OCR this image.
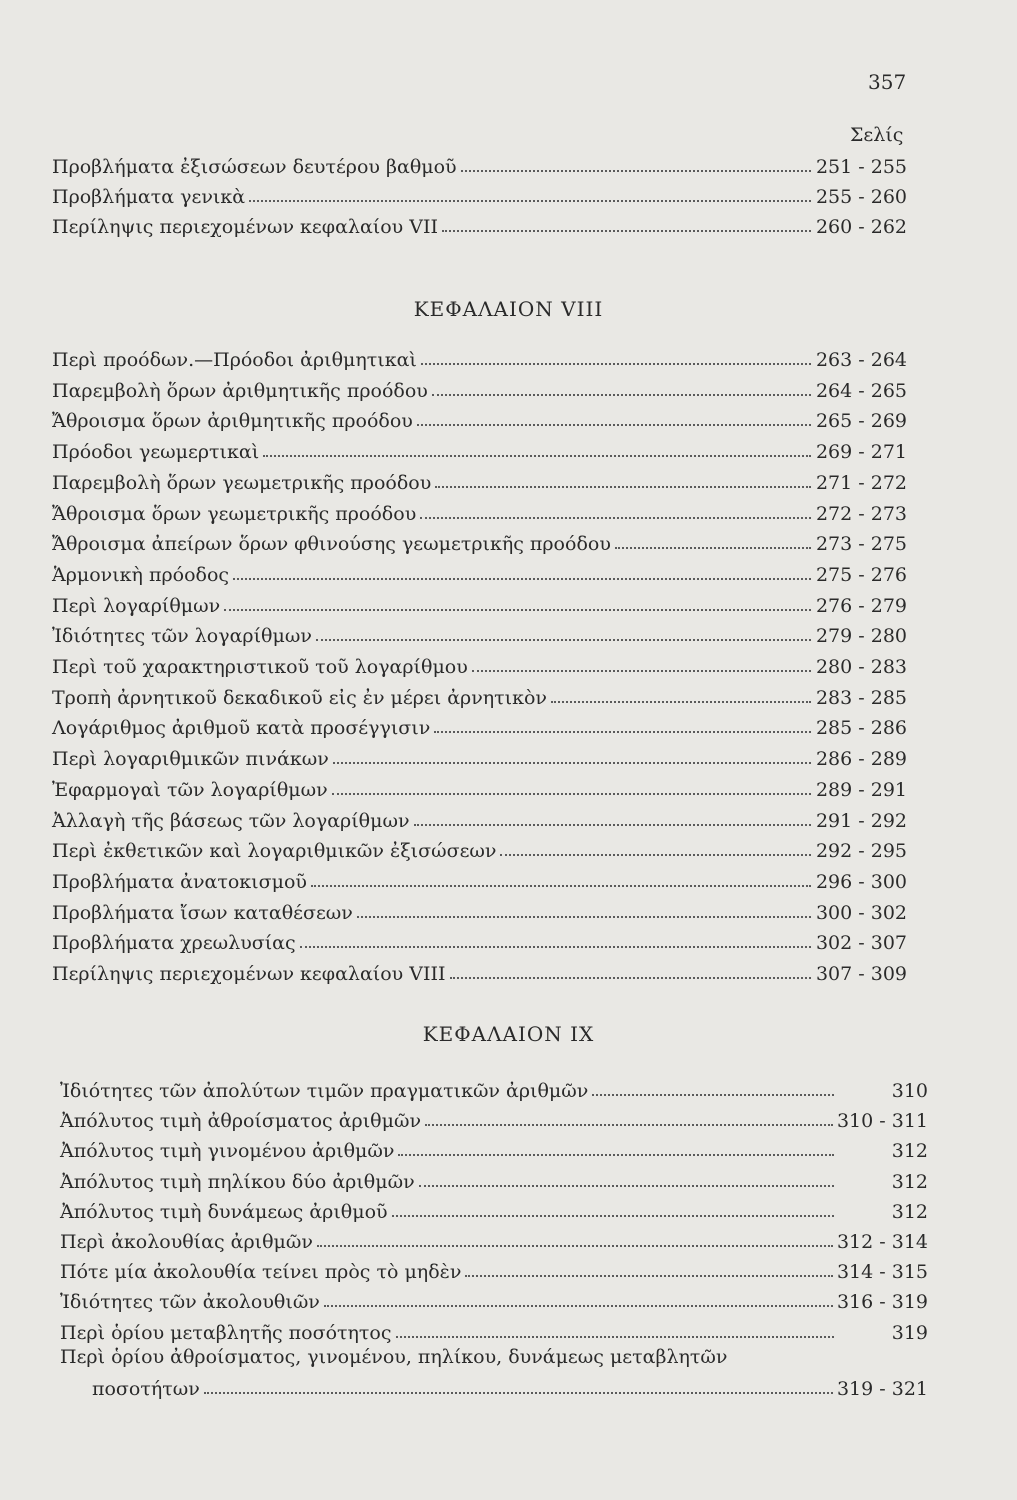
357
Σελίς
Προβλήματα ἐξισώσεων δευτέρου βαθμοῦ	251 - 255
Προβλήματα γενικὰ	255 - 260
Περίληψις περιεχομένων κεφαλαίου VII	260 - 262
ΚΕΦΑΛΑΙΟΝ VIII
Περὶ προόδων.—Πρόοδοι ἀριθμητικαὶ	263 - 264
Παρεμβολὴ ὅρων ἀριθμητικῆς προόδου	264 - 265
Ἄθροισμα ὅρων ἀριθμητικῆς προόδου	265 - 269
Πρόοδοι γεωμερτικαὶ	269 - 271
Παρεμβολὴ ὅρων γεωμετρικῆς προόδου	271 - 272
Ἄθροισμα ὅρων γεωμετρικῆς προόδου	272 - 273
Ἄθροισμα ἀπείρων ὅρων φθινούσης γεωμετρικῆς προόδου	273 - 275
Ἁρμονικὴ πρόοδος	275 - 276
Περὶ λογαρίθμων	276 - 279
Ἰδιότητες τῶν λογαρίθμων	279 - 280
Περὶ τοῦ χαρακτηριστικοῦ τοῦ λογαρίθμου	280 - 283
Τροπὴ ἀρνητικοῦ δεκαδικοῦ εἰς ἐν μέρει ἀρνητικὸν	283 - 285
Λογάριθμος ἀριθμοῦ κατὰ προσέγγισιν	285 - 286
Περὶ λογαριθμικῶν πινάκων	286 - 289
Ἐφαρμογαὶ τῶν λογαρίθμων	289 - 291
Ἀλλαγὴ τῆς βάσεως τῶν λογαρίθμων	291 - 292
Περὶ ἐκθετικῶν καὶ λογαριθμικῶν ἐξισώσεων	292 - 295
Προβλήματα ἀνατοκισμοῦ	296 - 300
Προβλήματα ἴσων καταθέσεων	300 - 302
Προβλήματα χρεωλυσίας	302 - 307
Περίληψις περιεχομένων κεφαλαίου VIII	307 - 309
ΚΕΦΑΛΑΙΟΝ IX
Ἰδιότητες τῶν ἀπολύτων τιμῶν πραγματικῶν ἀριθμῶν	310
Ἀπόλυτος τιμὴ ἀθροίσματος ἀριθμῶν	310 - 311
Ἀπόλυτος τιμὴ γινομένου ἀριθμῶν	312
Ἀπόλυτος τιμὴ πηλίκου δύο ἀριθμῶν	312
Ἀπόλυτος τιμὴ δυνάμεως ἀριθμοῦ	312
Περὶ ἀκολουθίας ἀριθμῶν	312 - 314
Πότε μία ἀκολουθία τείνει πρὸς τὸ μηδὲν	314 - 315
Ἰδιότητες τῶν ἀκολουθιῶν	316 - 319
Περὶ ὁρίου μεταβλητῆς ποσότητος	319
Περὶ ὁρίου ἀθροίσματος, γινομένου, πηλίκου, δυνάμεως μεταβλητῶν
ποσοτήτων	319 - 321
